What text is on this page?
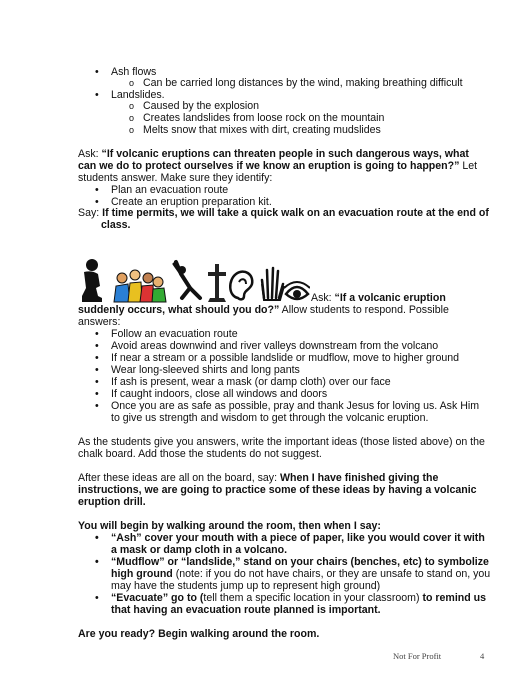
• Ash flows
o Can be carried long distances by the wind, making breathing difficult
• Landslides.
o Caused by the explosion
o Creates landslides from loose rock on the mountain
o Melts snow that mixes with dirt, creating mudslides
Ask: “If volcanic eruptions can threaten people in such dangerous ways, what
can we do to protect ourselves if we know an eruption is going to happen?” Let
students answer. Make sure they identify:
• Plan an evacuation route
• Create an eruption preparation kit.
Say: If time permits, we will take a quick walk on an evacuation route at the end of
class.
Ask: “If a volcanic eruption
suddenly occurs, what should you do?” Allow students to respond. Possible
answers:
• Follow an evacuation route
• Avoid areas downwind and river valleys downstream from the volcano
• If near a stream or a possible landslide or mudflow, move to higher ground
• Wear long-sleeved shirts and long pants
• If ash is present, wear a mask (or damp cloth) over our face
• If caught indoors, close all windows and doors
• Once you are as safe as possible, pray and thank Jesus for loving us. Ask Him
to give us strength and wisdom to get through the volcanic eruption.
As the students give you answers, write the important ideas (those listed above) on the
chalk board. Add those the students do not suggest.
After these ideas are all on the board, say: When I have finished giving the
instructions, we are going to practice some of these ideas by having a volcanic
eruption drill.
You will begin by walking around the room, then when I say:
• “Ash” cover your mouth with a piece of paper, like you would cover it with
a mask or damp cloth in a volcano.
• “Mudflow” or “landslide,” stand on your chairs (benches, etc) to symbolize
high ground (note: if you do not have chairs, or they are unsafe to stand on, you
may have the students jump up to represent high ground)
• “Evacuate” go to (tell them a specific location in your classroom) to remind us
that having an evacuation route planned is important.
Are you ready? Begin walking around the room.
Not For Profit	4
